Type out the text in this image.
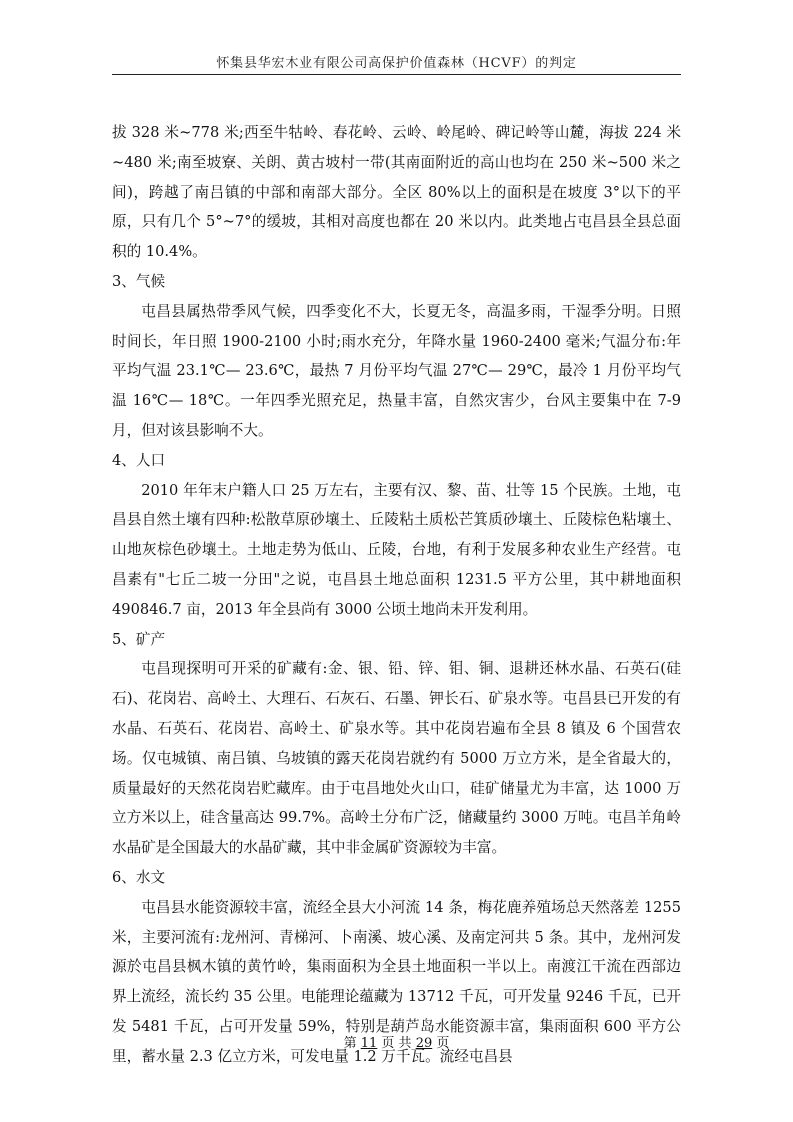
怀集县华宏木业有限公司高保护价值森林（HCVF）的判定

拔 328 米~778 米;西至牛牯岭、春花岭、云岭、岭尾岭、碑记岭等山麓，海拔 224 米~480 米;南至坡寮、关朗、黄古坡村一带(其南面附近的高山也均在 250 米~500 米之间)，跨越了南吕镇的中部和南部大部分。全区 80%以上的面积是在坡度 3°以下的平原，只有几个 5°~7°的缓坡，其相对高度也都在 20 米以内。此类地占屯昌县全县总面积的 10.4%。

3、气候

屯昌县属热带季风气候，四季变化不大，长夏无冬，高温多雨，干湿季分明。日照时间长，年日照 1900-2100 小时;雨水充分，年降水量 1960-2400 毫米;气温分布:年平均气温 23.1℃— 23.6℃，最热 7 月份平均气温 27℃— 29℃，最冷 1 月份平均气温 16℃— 18℃。一年四季光照充足，热量丰富，自然灾害少，台风主要集中在 7-9 月，但对该县影响不大。

4、人口

2010 年年末户籍人口 25 万左右，主要有汉、黎、苗、壮等 15 个民族。土地，屯昌县自然土壤有四种:松散草原砂壤土、丘陵粘土质松芒箕质砂壤土、丘陵棕色粘壤土、山地灰棕色砂壤土。土地走势为低山、丘陵，台地，有利于发展多种农业生产经营。屯昌素有"七丘二坡一分田"之说，屯昌县土地总面积 1231.5 平方公里，其中耕地面积 490846.7 亩，2013 年全县尚有 3000 公顷土地尚未开发利用。

5、矿产

屯昌现探明可开采的矿藏有:金、银、铅、锌、钼、铜、退耕还林水晶、石英石(硅石)、花岗岩、高岭土、大理石、石灰石、石墨、钾长石、矿泉水等。屯昌县已开发的有水晶、石英石、花岗岩、高岭土、矿泉水等。其中花岗岩遍布全县 8 镇及 6 个国营农场。仅屯城镇、南吕镇、乌坡镇的露天花岗岩就约有 5000 万立方米，是全省最大的，质量最好的天然花岗岩贮藏库。由于屯昌地处火山口，硅矿储量尤为丰富，达 1000 万立方米以上，硅含量高达 99.7%。高岭土分布广泛，储藏量约 3000 万吨。屯昌羊角岭水晶矿是全国最大的水晶矿藏，其中非金属矿资源较为丰富。

6、水文

屯昌县水能资源较丰富，流经全县大小河流 14 条，梅花鹿养殖场总天然落差 1255 米，主要河流有:龙州河、青梯河、卜南溪、坡心溪、及南定河共 5 条。其中，龙州河发源於屯昌县枫木镇的黄竹岭，集雨面积为全县土地面积一半以上。南渡江干流在西部边界上流经，流长约 35 公里。电能理论蕴藏为 13712 千瓦，可开发量 9246 千瓦，已开发 5481 千瓦，占可开发量 59%，特别是葫芦岛水能资源丰富，集雨面积 600 平方公里，蓄水量 2.3 亿立方米，可发电量 1.2 万千瓦。流经屯昌县

第 11 页 共 29 页
